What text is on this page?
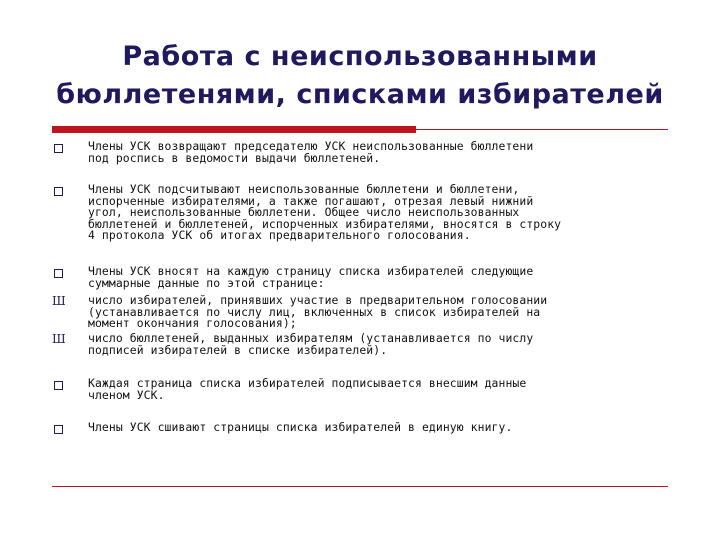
Работа с неиспользованными
бюллетенями, списками избирателей
Члены УСК возвращают председателю УСК неиспользованные бюллетени
под роспись в ведомости выдачи бюллетеней.
Члены УСК подсчитывают неиспользованные бюллетени и бюллетени,
испорченные избирателями, а также погашают, отрезая левый нижний
угол, неиспользованные бюллетени. Общее число неиспользованных
бюллетеней и бюллетеней, испорченных избирателями, вносятся в строку
4 протокола УСК об итогах предварительного голосования.
Члены УСК вносят на каждую страницу списка избирателей следующие
суммарные данные по этой странице:
Ш число избирателей, принявших участие в предварительном голосовании
(устанавливается по числу лиц, включенных в список избирателей на
момент окончания голосования);
Ш число бюллетеней, выданных избирателям (устанавливается по числу
подписей избирателей в списке избирателей).
Каждая страница списка избирателей подписывается внесшим данные
членом УСК.
Члены УСК сшивают страницы списка избирателей в единую книгу.
